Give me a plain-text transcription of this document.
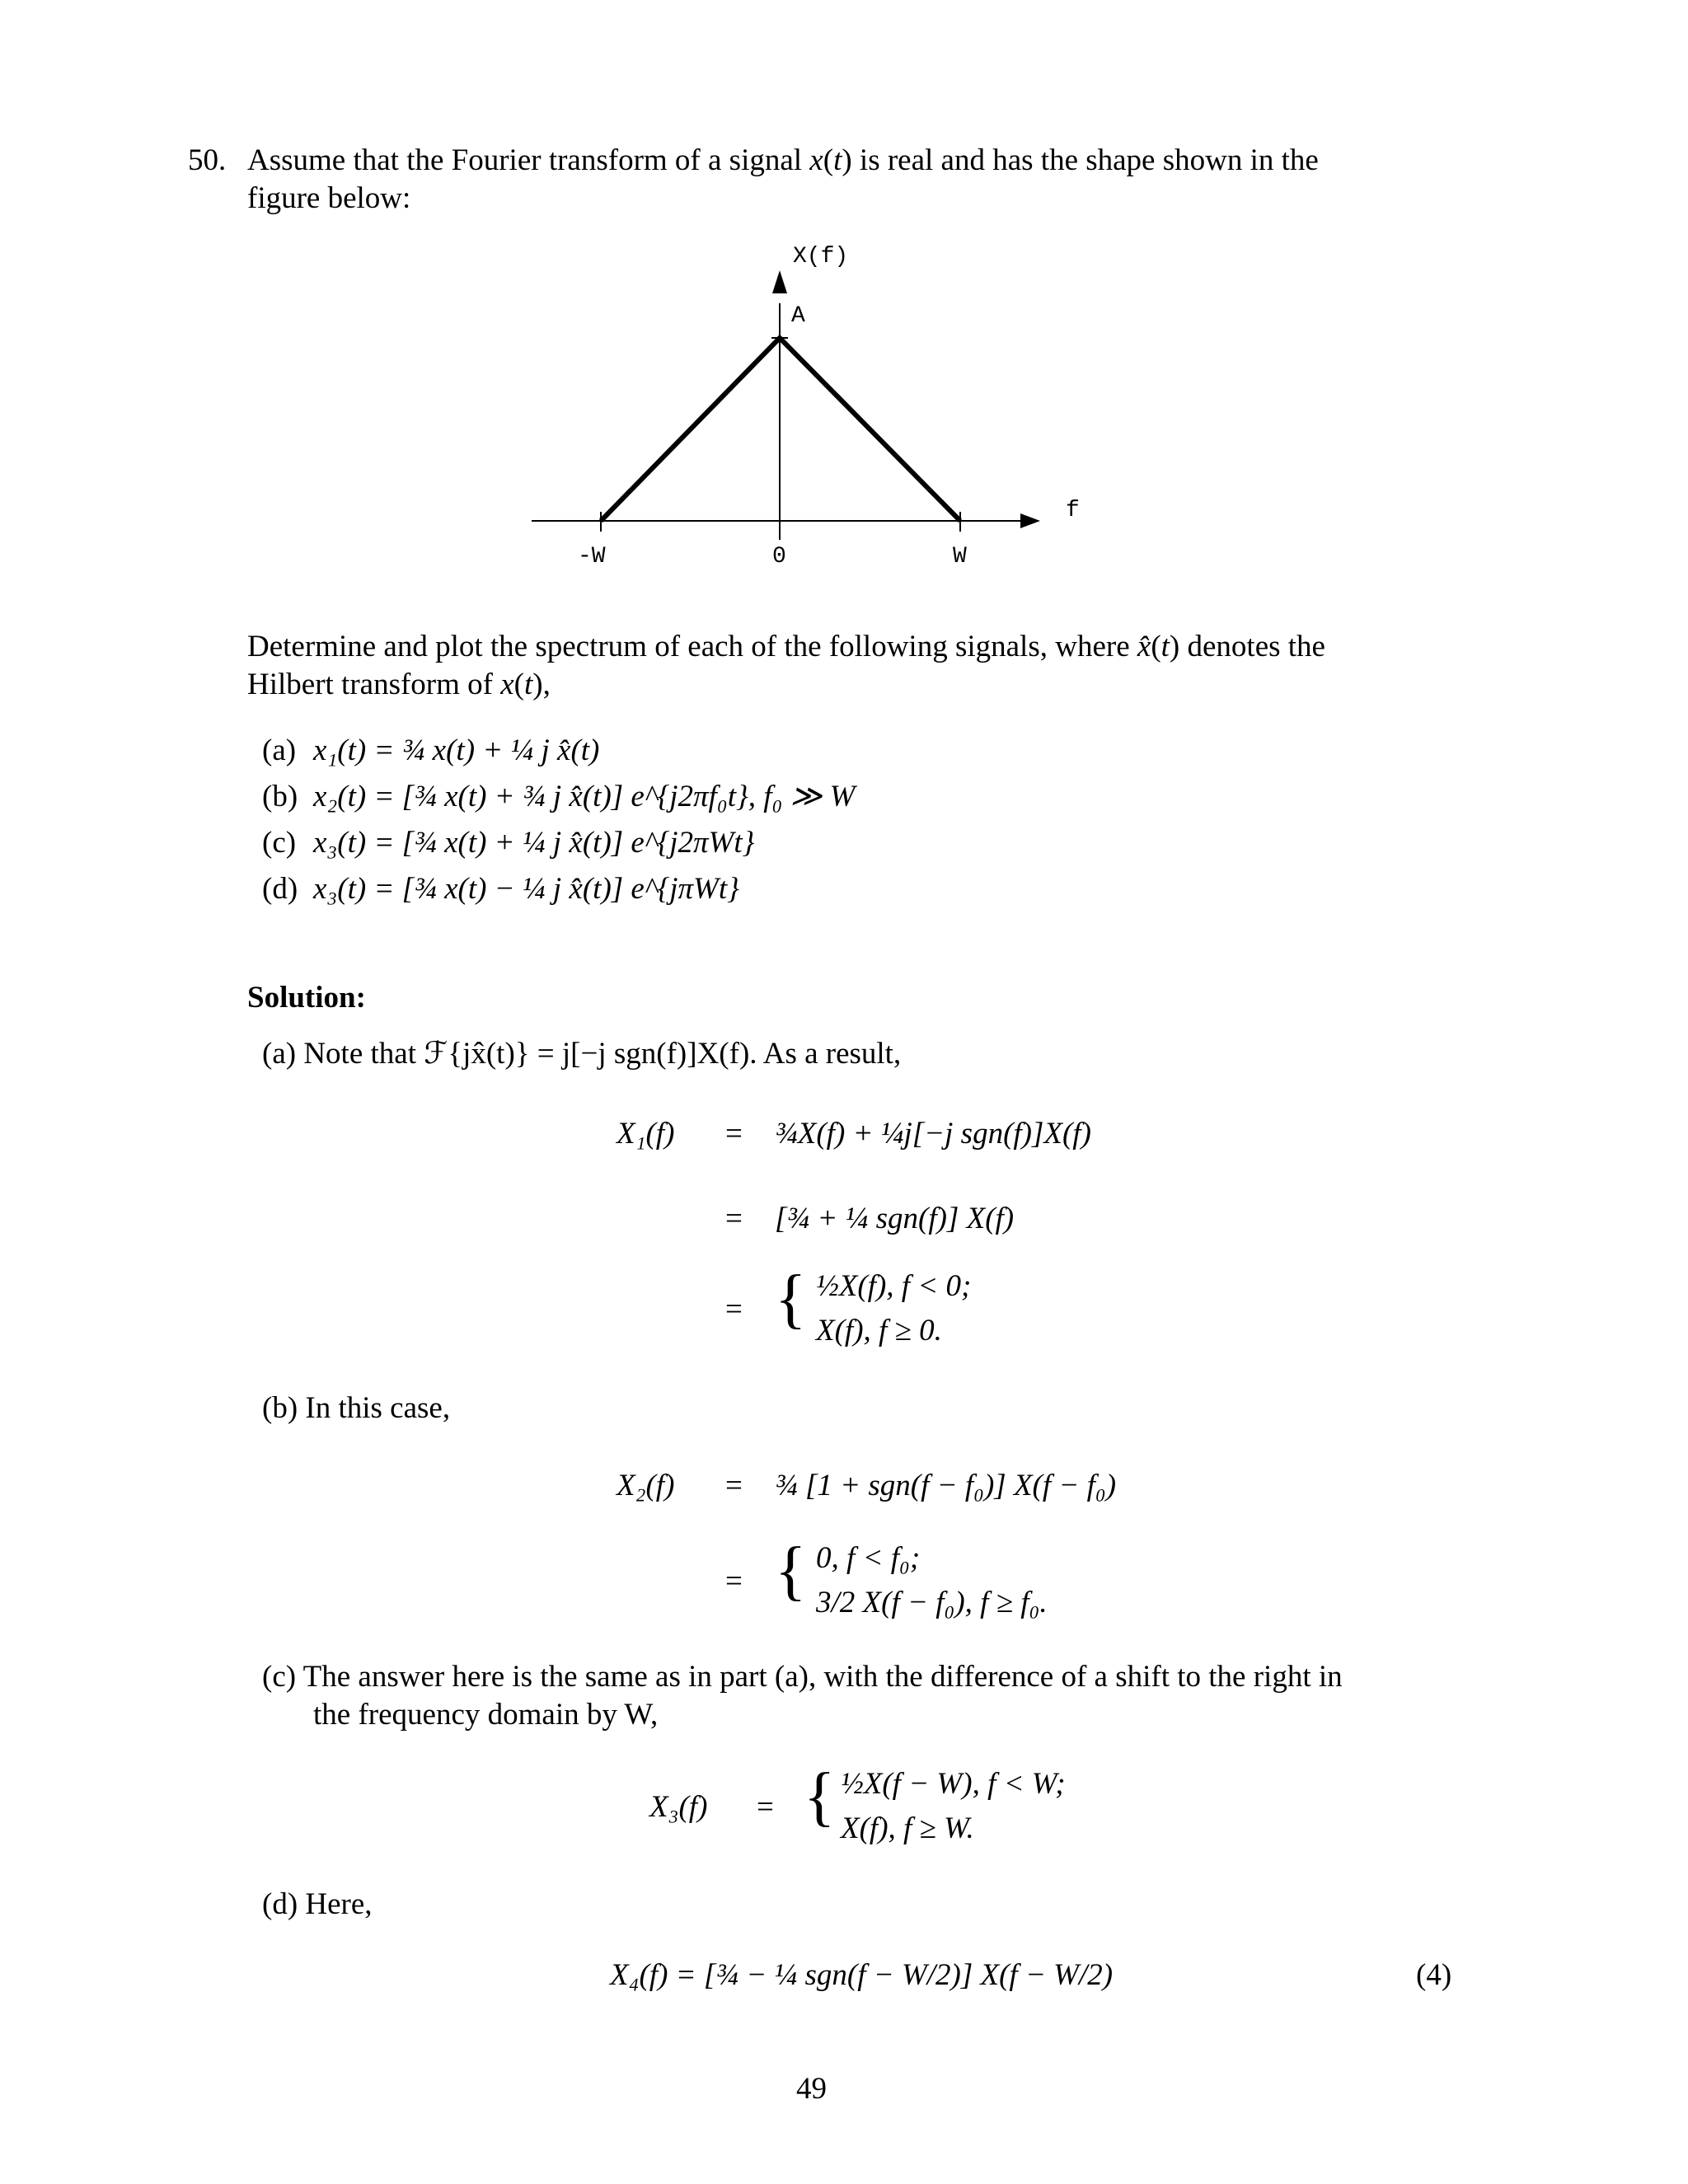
50. Assume that the Fourier transform of a signal x(t) is real and has the shape shown in the
figure below:
X(f)
A
f
-W	0	W
Determine and plot the spectrum of each of the following signals, where x̂(t) denotes the
Hilbert transform of x(t),
(a) x₁(t) = ¾ x(t) + ¼ j x̂(t)
(b) x₂(t) = [¾ x(t) + ¾ j x̂(t)] e^{j2πf₀t}, f₀ ≫ W
(c) x₃(t) = [¾ x(t) + ¼ j x̂(t)] e^{j2πWt}
(d) x₃(t) = [¾ x(t) − ¼ j x̂(t)] e^{jπWt}
Solution:
(a) Note that ℱ{jx̂(t)} = j[−j sgn(f)]X(f). As a result,
X₁(f) = ¾X(f) + ¼j[−j sgn(f)]X(f)
= [¾ + ¼ sgn(f)] X(f)
= { ½X(f), f < 0;
X(f), f ≥ 0.
(b) In this case,
X₂(f) = ¾ [1 + sgn(f − f₀)] X(f − f₀)
= { 0, f < f₀;
3/2 X(f − f₀), f ≥ f₀.
(c) The answer here is the same as in part (a), with the difference of a shift to the right in
the frequency domain by W,
X₃(f) = { ½X(f − W), f < W;
X(f), f ≥ W.
(d) Here,
X₄(f) = [¾ − ¼ sgn(f − W/2)] X(f − W/2)	(4)
49
